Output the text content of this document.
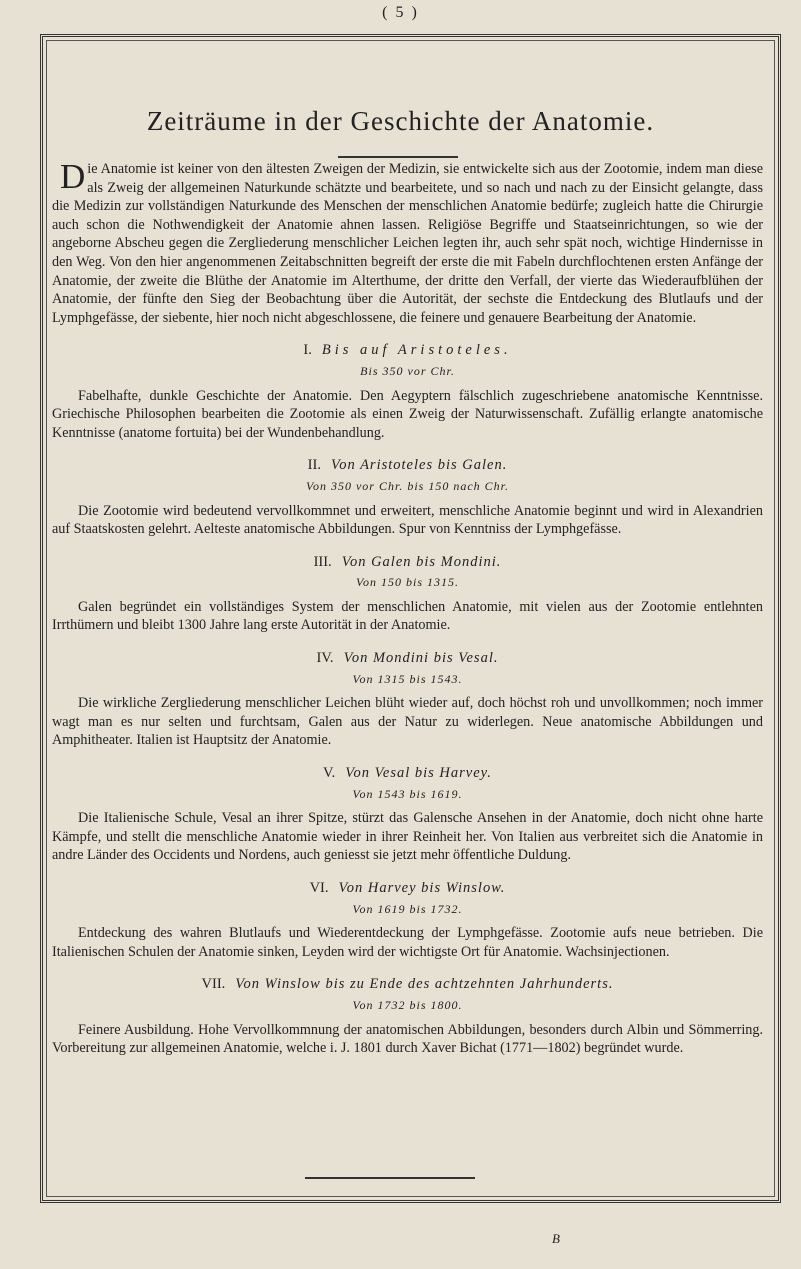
( 5 )
Zeiträume in der Geschichte der Anatomie.

Die Anatomie ist keiner von den ältesten Zweigen der Medizin, sie entwickelte sich aus der Zootomie, indem man diese als Zweig der allgemeinen Naturkunde schätzte und bearbeitete, und so nach und nach zu der Einsicht gelangte, dass die Medizin zur vollständigen Naturkunde des Menschen der menschlichen Anatomie bedürfe; zugleich hatte die Chirurgie auch schon die Nothwendigkeit der Anatomie ahnen lassen. Religiöse Begriffe und Staatseinrichtungen, so wie der angeborne Abscheu gegen die Zergliederung menschlicher Leichen legten ihr, auch sehr spät noch, wichtige Hindernisse in den Weg. Von den hier angenommenen Zeitabschnitten begreift der erste die mit Fabeln durchflochtenen ersten Anfänge der Anatomie, der zweite die Blüthe der Anatomie im Alterthume, der dritte den Verfall, der vierte das Wiederaufblühen der Anatomie, der fünfte den Sieg der Beobachtung über die Autorität, der sechste die Entdeckung des Blutlaufs und der Lymphgefässe, der siebente, hier noch nicht abgeschlossene, die feinere und genauere Bearbeitung der Anatomie.

I. Bis auf Aristoteles.

Bis 350 vor Chr.

Fabelhafte, dunkle Geschichte der Anatomie. Den Aegyptern fälschlich zugeschriebene anatomische Kenntnisse. Griechische Philosophen bearbeiten die Zootomie als einen Zweig der Naturwissenschaft. Zufällig erlangte anatomische Kenntnisse (anatome fortuita) bei der Wundenbehandlung.

II. Von Aristoteles bis Galen.

Von 350 vor Chr. bis 150 nach Chr.

Die Zootomie wird bedeutend vervollkommnet und erweitert, menschliche Anatomie beginnt und wird in Alexandrien auf Staatskosten gelehrt. Aelteste anatomische Abbildungen. Spur von Kenntniss der Lymphgefässe.

III. Von Galen bis Mondini.

Von 150 bis 1315.

Galen begründet ein vollständiges System der menschlichen Anatomie, mit vielen aus der Zootomie entlehnten Irrthümern und bleibt 1300 Jahre lang erste Autorität in der Anatomie.

IV. Von Mondini bis Vesal.

Von 1315 bis 1543.

Die wirkliche Zergliederung menschlicher Leichen blüht wieder auf, doch höchst roh und unvollkommen; noch immer wagt man es nur selten und furchtsam, Galen aus der Natur zu widerlegen. Neue anatomische Abbildungen und Amphitheater. Italien ist Hauptsitz der Anatomie.

V. Von Vesal bis Harvey.

Von 1543 bis 1619.

Die Italienische Schule, Vesal an ihrer Spitze, stürzt das Galensche Ansehen in der Anatomie, doch nicht ohne harte Kämpfe, und stellt die menschliche Anatomie wieder in ihrer Reinheit her. Von Italien aus verbreitet sich die Anatomie in andre Länder des Occidents und Nordens, auch geniesst sie jetzt mehr öffentliche Duldung.

VI. Von Harvey bis Winslow.

Von 1619 bis 1732.

Entdeckung des wahren Blutlaufs und Wiederentdeckung der Lymphgefässe. Zootomie aufs neue betrieben. Die Italienischen Schulen der Anatomie sinken, Leyden wird der wichtigste Ort für Anatomie. Wachsinjectionen.

VII. Von Winslow bis zu Ende des achtzehnten Jahrhunderts.

Von 1732 bis 1800.

Feinere Ausbildung. Hohe Vervollkommnung der anatomischen Abbildungen, besonders durch Albin und Sömmerring. Vorbereitung zur allgemeinen Anatomie, welche i. J. 1801 durch Xaver Bichat (1771—1802) begründet wurde.

B
